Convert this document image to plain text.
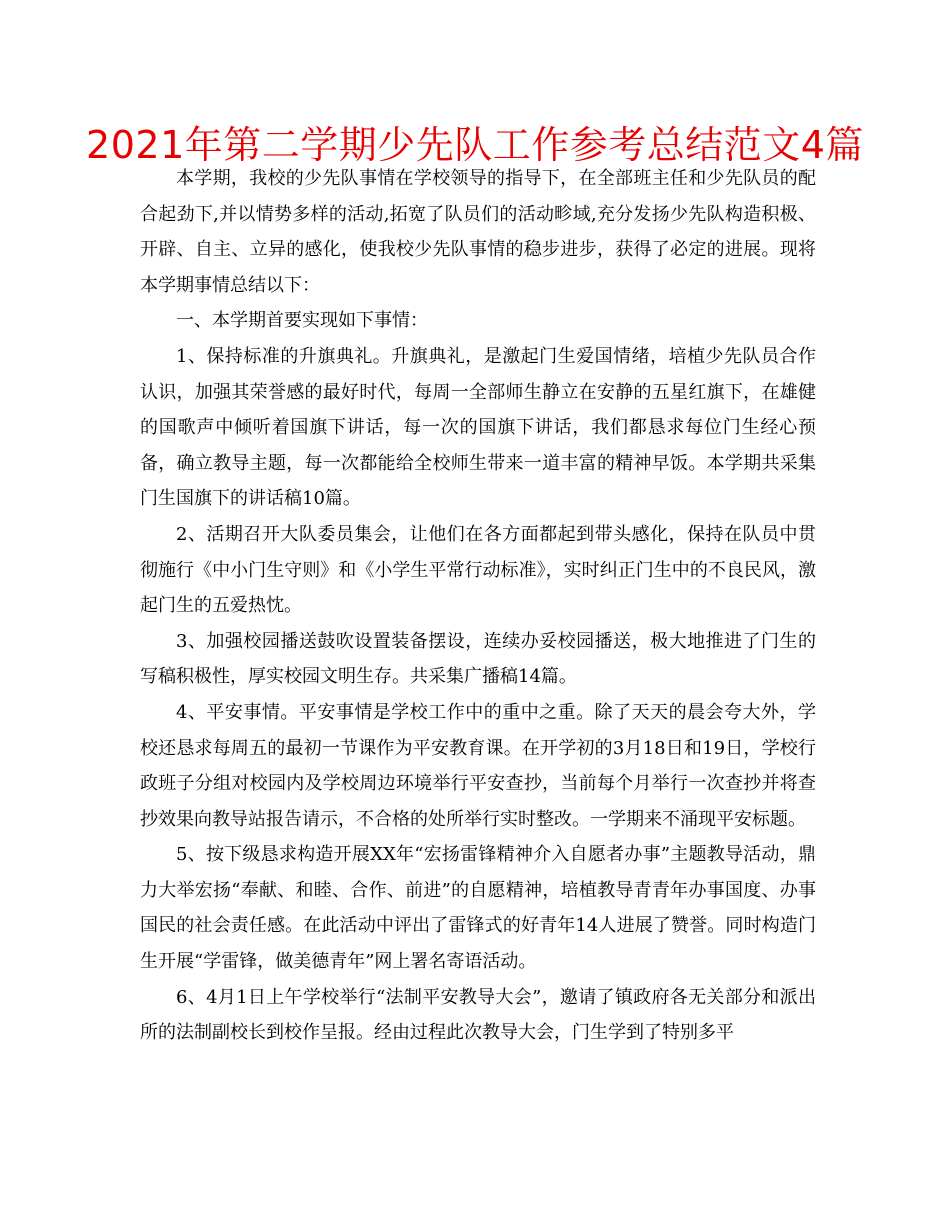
2021年第二学期少先队工作参考总结范文4篇

本学期，我校的少先队事情在学校领导的指导下，在全部班主任和少先队员的配合起劲下,并以情势多样的活动,拓宽了队员们的活动畛域,充分发扬少先队构造积极、开辟、自主、立异的感化，使我校少先队事情的稳步进步，获得了必定的进展。现将本学期事情总结以下：

一、本学期首要实现如下事情：

1、保持标准的升旗典礼。升旗典礼，是激起门生爱国情绪，培植少先队员合作认识，加强其荣誉感的最好时代，每周一全部师生静立在安静的五星红旗下，在雄健的国歌声中倾听着国旗下讲话，每一次的国旗下讲话，我们都恳求每位门生经心预备，确立教导主题，每一次都能给全校师生带来一道丰富的精神早饭。本学期共采集门生国旗下的讲话稿10篇。

2、活期召开大队委员集会，让他们在各方面都起到带头感化，保持在队员中贯彻施行《中小门生守则》和《小学生平常行动标准》，实时纠正门生中的不良民风，激起门生的五爱热忱。

3、加强校园播送鼓吹设置装备摆设，连续办妥校园播送，极大地推进了门生的写稿积极性，厚实校园文明生存。共采集广播稿14篇。

4、平安事情。平安事情是学校工作中的重中之重。除了天天的晨会夸大外，学校还恳求每周五的最初一节课作为平安教育课。在开学初的3月18日和19日，学校行政班子分组对校园内及学校周边环境举行平安查抄，当前每个月举行一次查抄并将查抄效果向教导站报告请示，不合格的处所举行实时整改。一学期来不涌现平安标题。

5、按下级恳求构造开展XX年“宏扬雷锋精神介入自愿者办事”主题教导活动，鼎力大举宏扬“奉献、和睦、合作、前进”的自愿精神，培植教导青青年办事国度、办事国民的社会责任感。在此活动中评出了雷锋式的好青年14人进展了赞誉。同时构造门生开展“学雷锋，做美德青年”网上署名寄语活动。

6、4月1日上午学校举行“法制平安教导大会”，邀请了镇政府各无关部分和派出所的法制副校长到校作呈报。经由过程此次教导大会，门生学到了特别多平
